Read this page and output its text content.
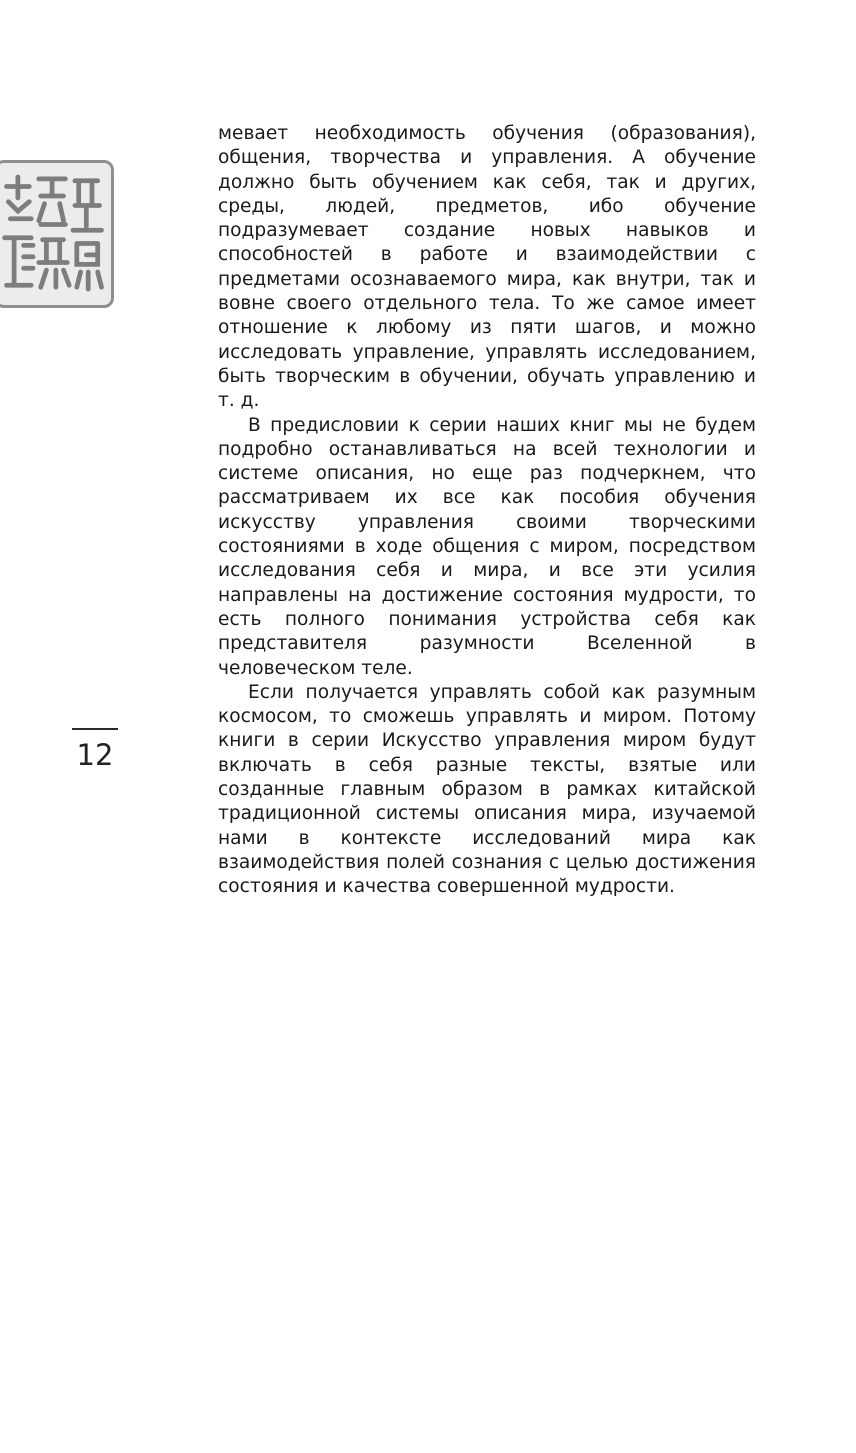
мевает необходимость обучения (образования), общения, творчества и управления. А обучение должно быть обучением как себя, так и других, среды, людей, предметов, ибо обучение подразумевает создание новых навыков и способностей в работе и взаимодействии с предметами осознаваемого мира, как внутри, так и вовне своего отдельного тела. То же самое имеет отношение к любому из пяти шагов, и можно исследовать управление, управлять исследованием, быть творческим в обучении, обучать управлению и т. д.

В предисловии к серии наших книг мы не будем подробно останавливаться на всей технологии и системе описания, но еще раз подчеркнем, что рассматриваем их все как пособия обучения искусству управления своими творческими состояниями в ходе общения с миром, посредством исследования себя и мира, и все эти усилия направлены на достижение состояния мудрости, то есть полного понимания устройства себя как представителя разумности Вселенной в человеческом теле.

Если получается управлять собой как разумным космосом, то сможешь управлять и миром. Потому книги в серии Искусство управления миром будут включать в себя разные тексты, взятые или созданные главным образом в рамках китайской традиционной системы описания мира, изучаемой нами в контексте исследований мира как взаимодействия полей сознания с целью достижения состояния и качества совершенной мудрости.

12
